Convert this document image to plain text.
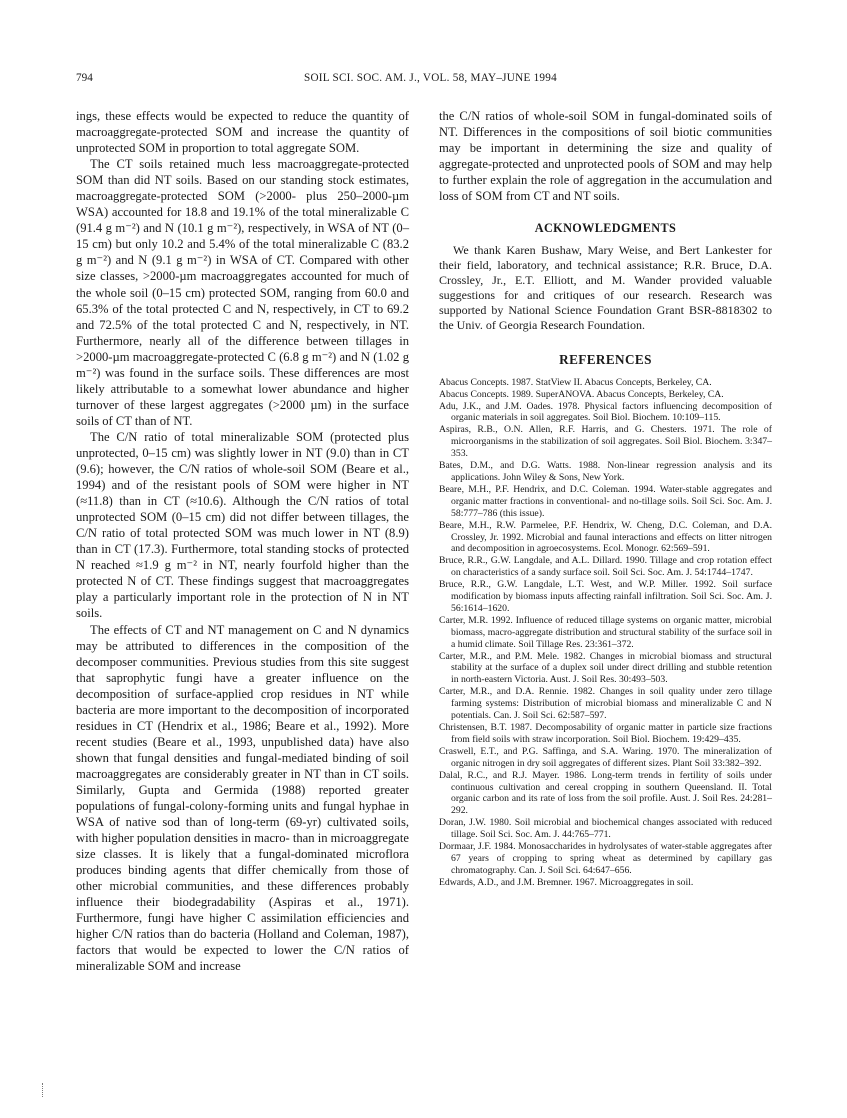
794	SOIL SCI. SOC. AM. J., VOL. 58, MAY–JUNE 1994

ings, these effects would be expected to reduce the quantity of macroaggregate-protected SOM and increase the quantity of unprotected SOM in proportion to total aggregate SOM.

The CT soils retained much less macroaggregate-protected SOM than did NT soils. Based on our standing stock estimates, macroaggregate-protected SOM (>2000- plus 250–2000-µm WSA) accounted for 18.8 and 19.1% of the total mineralizable C (91.4 g m⁻²) and N (10.1 g m⁻²), respectively, in WSA of NT (0–15 cm) but only 10.2 and 5.4% of the total mineralizable C (83.2 g m⁻²) and N (9.1 g m⁻²) in WSA of CT. Compared with other size classes, >2000-µm macroaggregates accounted for much of the whole soil (0–15 cm) protected SOM, ranging from 60.0 and 65.3% of the total protected C and N, respectively, in CT to 69.2 and 72.5% of the total protected C and N, respectively, in NT. Furthermore, nearly all of the difference between tillages in >2000-µm macroaggregate-protected C (6.8 g m⁻²) and N (1.02 g m⁻²) was found in the surface soils. These differences are most likely attributable to a somewhat lower abundance and higher turnover of these largest aggregates (>2000 µm) in the surface soils of CT than of NT.

The C/N ratio of total mineralizable SOM (protected plus unprotected, 0–15 cm) was slightly lower in NT (9.0) than in CT (9.6); however, the C/N ratios of whole-soil SOM (Beare et al., 1994) and of the resistant pools of SOM were higher in NT (≈11.8) than in CT (≈10.6). Although the C/N ratios of total unprotected SOM (0–15 cm) did not differ between tillages, the C/N ratio of total protected SOM was much lower in NT (8.9) than in CT (17.3). Furthermore, total standing stocks of protected N reached ≈1.9 g m⁻² in NT, nearly fourfold higher than the protected N of CT. These findings suggest that macroaggregates play a particularly important role in the protection of N in NT soils.

The effects of CT and NT management on C and N dynamics may be attributed to differences in the composition of the decomposer communities. Previous studies from this site suggest that saprophytic fungi have a greater influence on the decomposition of surface-applied crop residues in NT while bacteria are more important to the decomposition of incorporated residues in CT (Hendrix et al., 1986; Beare et al., 1992). More recent studies (Beare et al., 1993, unpublished data) have also shown that fungal densities and fungal-mediated binding of soil macroaggregates are considerably greater in NT than in CT soils. Similarly, Gupta and Germida (1988) reported greater populations of fungal-colony-forming units and fungal hyphae in WSA of native sod than of long-term (69-yr) cultivated soils, with higher population densities in macro- than in microaggregate size classes. It is likely that a fungal-dominated microflora produces binding agents that differ chemically from those of other microbial communities, and these differences probably influence their biodegradability (Aspiras et al., 1971). Furthermore, fungi have higher C assimilation efficiencies and higher C/N ratios than do bacteria (Holland and Coleman, 1987), factors that would be expected to lower the C/N ratios of mineralizable SOM and increase

the C/N ratios of whole-soil SOM in fungal-dominated soils of NT. Differences in the compositions of soil biotic communities may be important in determining the size and quality of aggregate-protected and unprotected pools of SOM and may help to further explain the role of aggregation in the accumulation and loss of SOM from CT and NT soils.

ACKNOWLEDGMENTS

We thank Karen Bushaw, Mary Weise, and Bert Lankester for their field, laboratory, and technical assistance; R.R. Bruce, D.A. Crossley, Jr., E.T. Elliott, and M. Wander provided valuable suggestions for and critiques of our research. Research was supported by National Science Foundation Grant BSR-8818302 to the Univ. of Georgia Research Foundation.

REFERENCES

Abacus Concepts. 1987. StatView II. Abacus Concepts, Berkeley, CA.

Abacus Concepts. 1989. SuperANOVA. Abacus Concepts, Berkeley, CA.

Adu, J.K., and J.M. Oades. 1978. Physical factors influencing decomposition of organic materials in soil aggregates. Soil Biol. Biochem. 10:109–115.

Aspiras, R.B., O.N. Allen, R.F. Harris, and G. Chesters. 1971. The role of microorganisms in the stabilization of soil aggregates. Soil Biol. Biochem. 3:347–353.

Bates, D.M., and D.G. Watts. 1988. Non-linear regression analysis and its applications. John Wiley & Sons, New York.

Beare, M.H., P.F. Hendrix, and D.C. Coleman. 1994. Water-stable aggregates and organic matter fractions in conventional- and no-tillage soils. Soil Sci. Soc. Am. J. 58:777–786 (this issue).

Beare, M.H., R.W. Parmelee, P.F. Hendrix, W. Cheng, D.C. Coleman, and D.A. Crossley, Jr. 1992. Microbial and faunal interactions and effects on litter nitrogen and decomposition in agroecosystems. Ecol. Monogr. 62:569–591.

Bruce, R.R., G.W. Langdale, and A.L. Dillard. 1990. Tillage and crop rotation effect on characteristics of a sandy surface soil. Soil Sci. Soc. Am. J. 54:1744–1747.

Bruce, R.R., G.W. Langdale, L.T. West, and W.P. Miller. 1992. Soil surface modification by biomass inputs affecting rainfall infiltration. Soil Sci. Soc. Am. J. 56:1614–1620.

Carter, M.R. 1992. Influence of reduced tillage systems on organic matter, microbial biomass, macro-aggregate distribution and structural stability of the surface soil in a humid climate. Soil Tillage Res. 23:361–372.

Carter, M.R., and P.M. Mele. 1982. Changes in microbial biomass and structural stability at the surface of a duplex soil under direct drilling and stubble retention in north-eastern Victoria. Aust. J. Soil Res. 30:493–503.

Carter, M.R., and D.A. Rennie. 1982. Changes in soil quality under zero tillage farming systems: Distribution of microbial biomass and mineralizable C and N potentials. Can. J. Soil Sci. 62:587–597.

Christensen, B.T. 1987. Decomposability of organic matter in particle size fractions from field soils with straw incorporation. Soil Biol. Biochem. 19:429–435.

Craswell, E.T., and P.G. Saffinga, and S.A. Waring. 1970. The mineralization of organic nitrogen in dry soil aggregates of different sizes. Plant Soil 33:382–392.

Dalal, R.C., and R.J. Mayer. 1986. Long-term trends in fertility of soils under continuous cultivation and cereal cropping in southern Queensland. II. Total organic carbon and its rate of loss from the soil profile. Aust. J. Soil Res. 24:281–292.

Doran, J.W. 1980. Soil microbial and biochemical changes associated with reduced tillage. Soil Sci. Soc. Am. J. 44:765–771.

Dormaar, J.F. 1984. Monosaccharides in hydrolysates of water-stable aggregates after 67 years of cropping to spring wheat as determined by capillary gas chromatography. Can. J. Soil Sci. 64:647–656.

Edwards, A.D., and J.M. Bremner. 1967. Microaggregates in soil.
